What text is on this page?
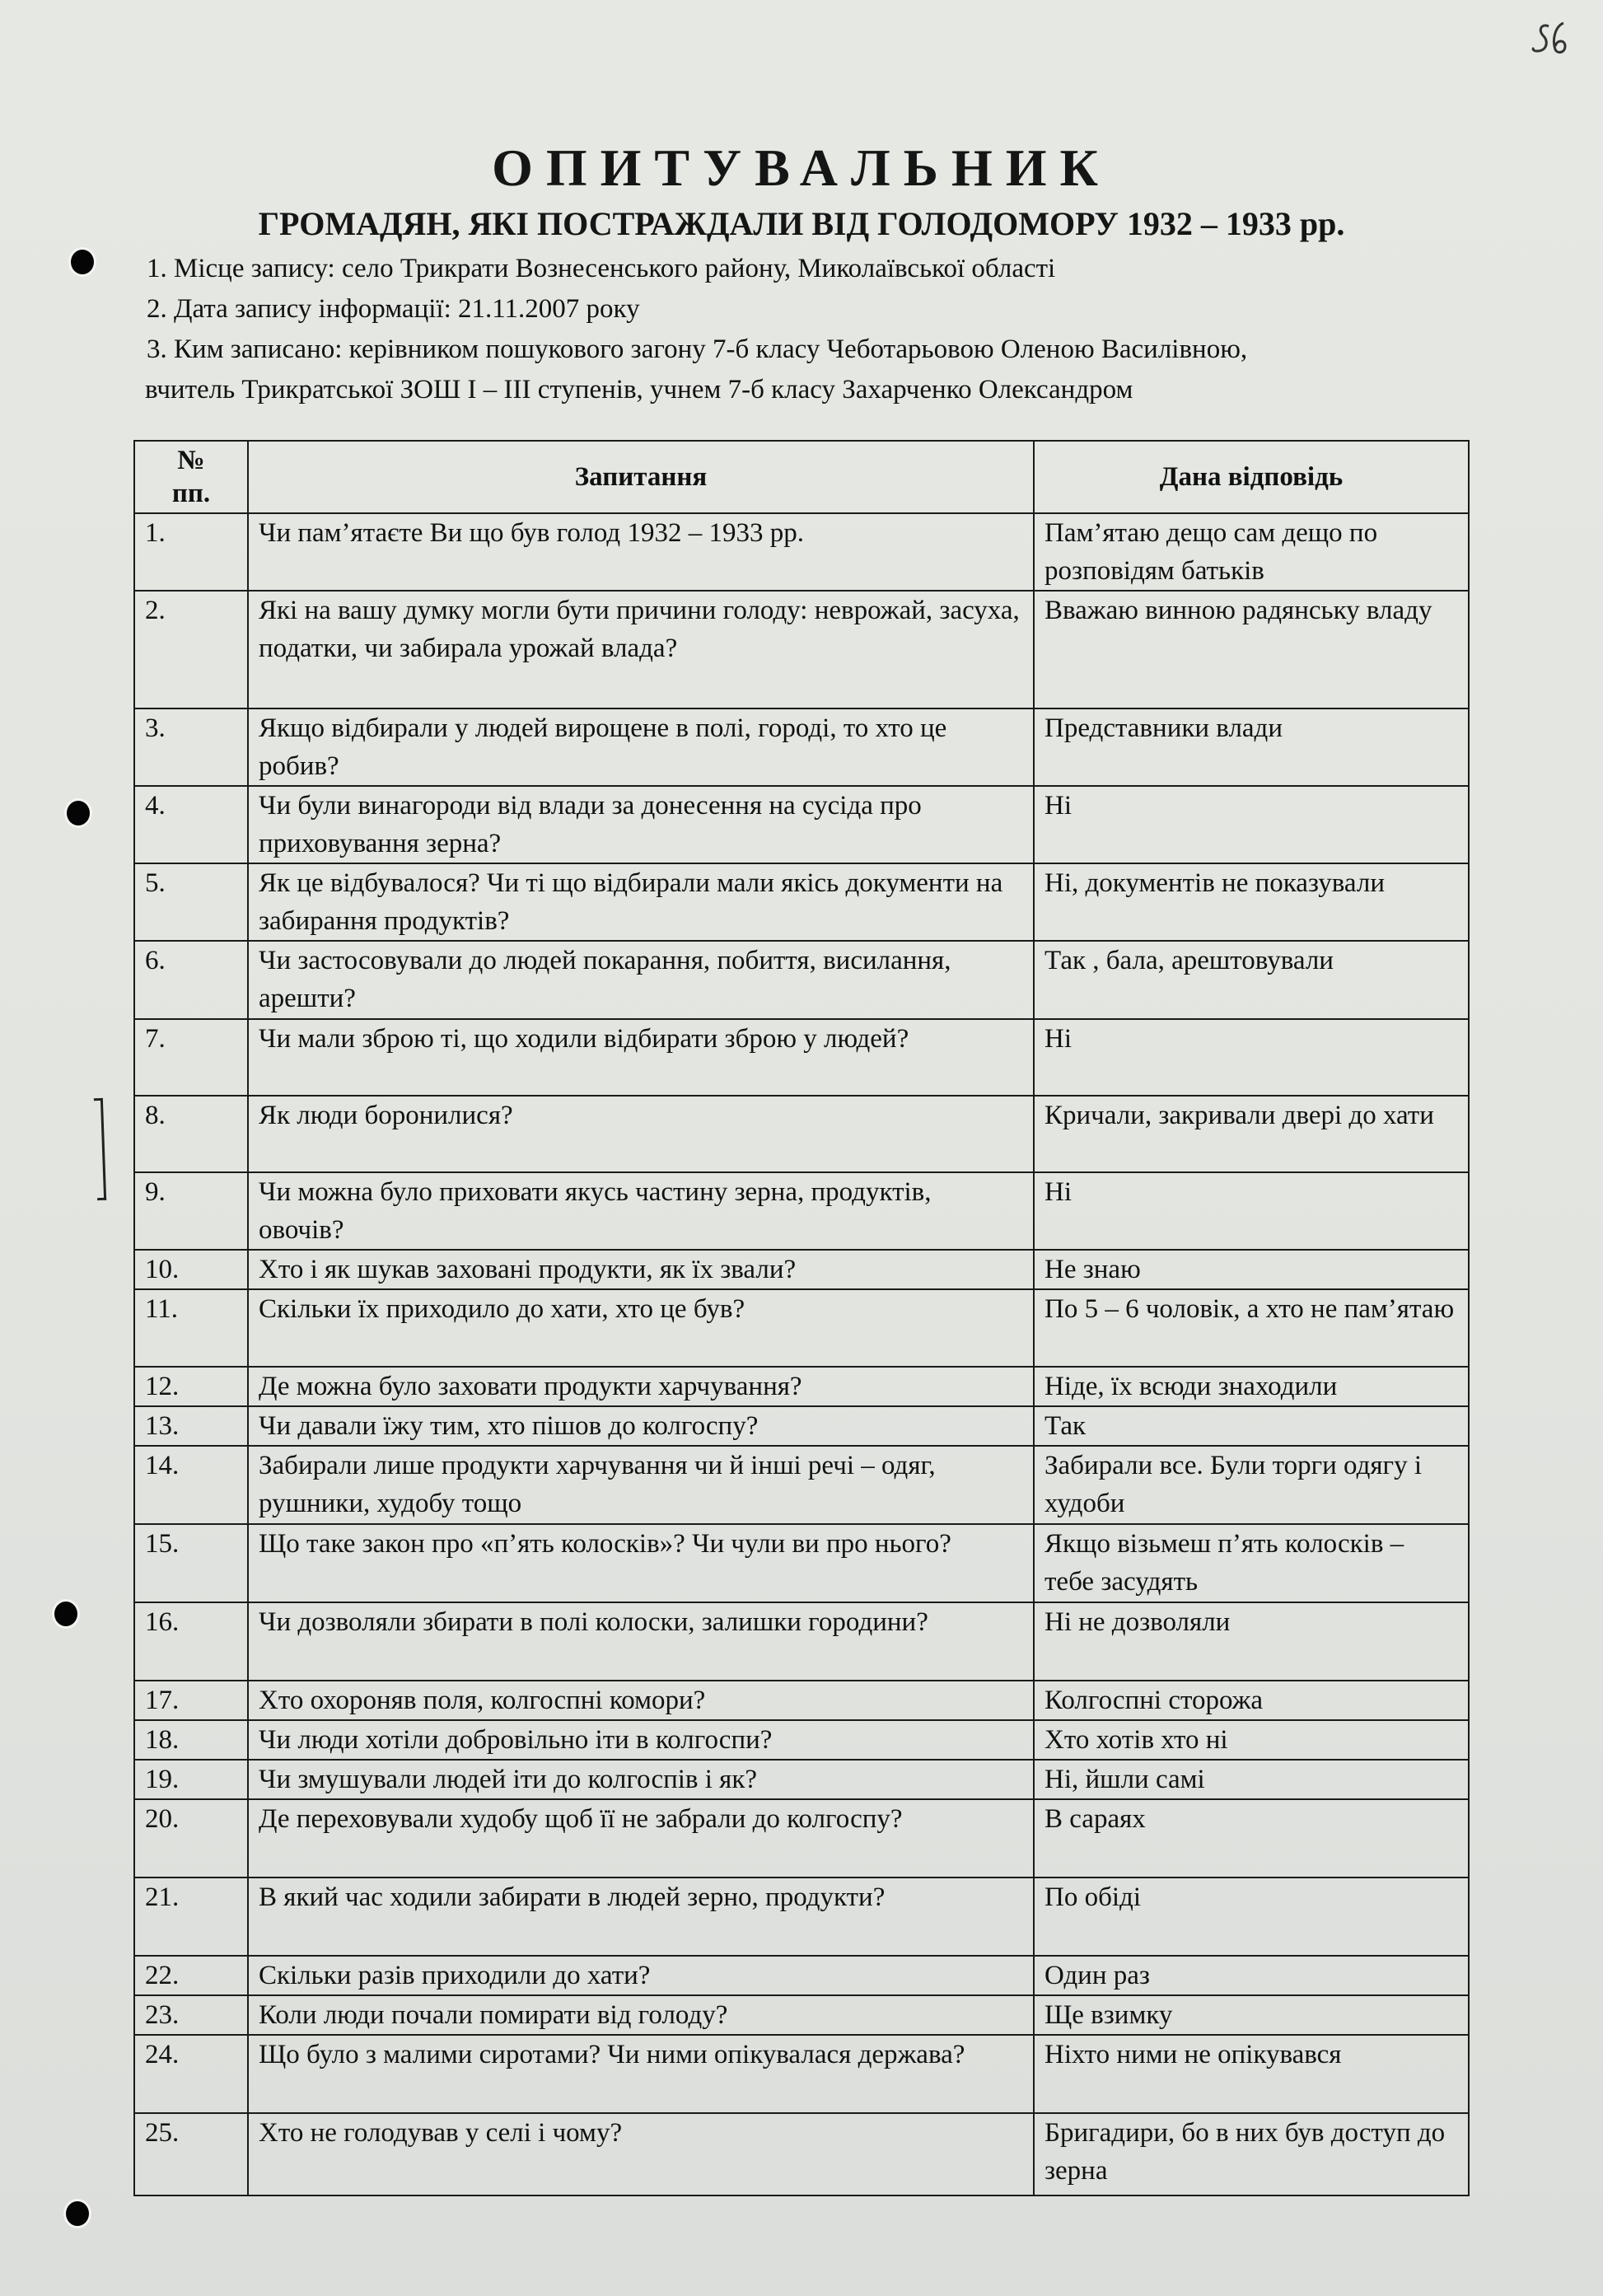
ОПИТУВАЛЬНИК
ГРОМАДЯН, ЯКІ ПОСТРАЖДАЛИ ВІД ГОЛОДОМОРУ 1932 – 1933 рр.
1. Місце запису: село Трикрати Вознесенського району, Миколаївської області
2. Дата запису інформації: 21.11.2007 року
3. Ким записано: керівником пошукового загону 7-б класу Чеботарьовою Оленою Василівною,
вчитель Трикратської ЗОШ І – ІІІ ступенів, учнем 7-б класу Захарченко Олександром
№
пп.	Запитання	Дана відповідь
1.	Чи пам’ятаєте Ви що був голод 1932 – 1933 рр.	Пам’ятаю дещо сам дещо по розповідям батьків
2.	Які на вашу думку могли бути причини голоду: неврожай, засуха, податки, чи забирала урожай влада?	Вважаю винною радянську владу
3.	Якщо відбирали у людей вирощене в полі, городі, то хто це робив?	Представники влади
4.	Чи були винагороди від влади за донесення на сусіда про приховування зерна?	Ні
5.	Як це відбувалося? Чи ті що відбирали мали якісь документи на забирання продуктів?	Ні, документів не показували
6.	Чи застосовували до людей покарання, побиття, висилання, арешти?	Так , бала, арештовували
7.	Чи мали зброю ті, що ходили відбирати зброю у людей?	Ні
8.	Як люди боронилися?	Кричали, закривали двері до хати
9.	Чи можна було приховати якусь частину зерна, продуктів, овочів?	Ні
10.	Хто і як шукав заховані продукти, як їх звали?	Не знаю
11.	Скільки їх приходило до хати, хто це був?	По 5 – 6 чоловік, а хто не пам’ятаю
12.	Де можна було заховати продукти харчування?	Ніде, їх всюди знаходили
13.	Чи давали їжу тим, хто пішов до колгоспу?	Так
14.	Забирали лише продукти харчування чи й інші речі – одяг, рушники, худобу тощо	Забирали все. Були торги одягу і худоби
15.	Що таке закон про «п’ять колосків»? Чи чули ви про нього?	Якщо візьмеш п’ять колосків – тебе засудять
16.	Чи дозволяли збирати в полі колоски, залишки городини?	Ні не дозволяли
17.	Хто охороняв поля, колгоспні комори?	Колгоспні сторожа
18.	Чи люди хотіли добровільно іти в колгоспи?	Хто хотів хто ні
19.	Чи змушували людей іти до колгоспів і як?	Ні, йшли самі
20.	Де переховували худобу щоб її не забрали до колгоспу?	В сараях
21.	В який час ходили забирати в людей зерно, продукти?	По обіді
22.	Скільки разів приходили до хати?	Один раз
23.	Коли люди почали помирати від голоду?	Ще взимку
24.	Що було з малими сиротами? Чи ними опікувалася держава?	Ніхто ними не опікувався
25.	Хто не голодував у селі і чому?	Бригадири, бо в них був доступ до зерна
